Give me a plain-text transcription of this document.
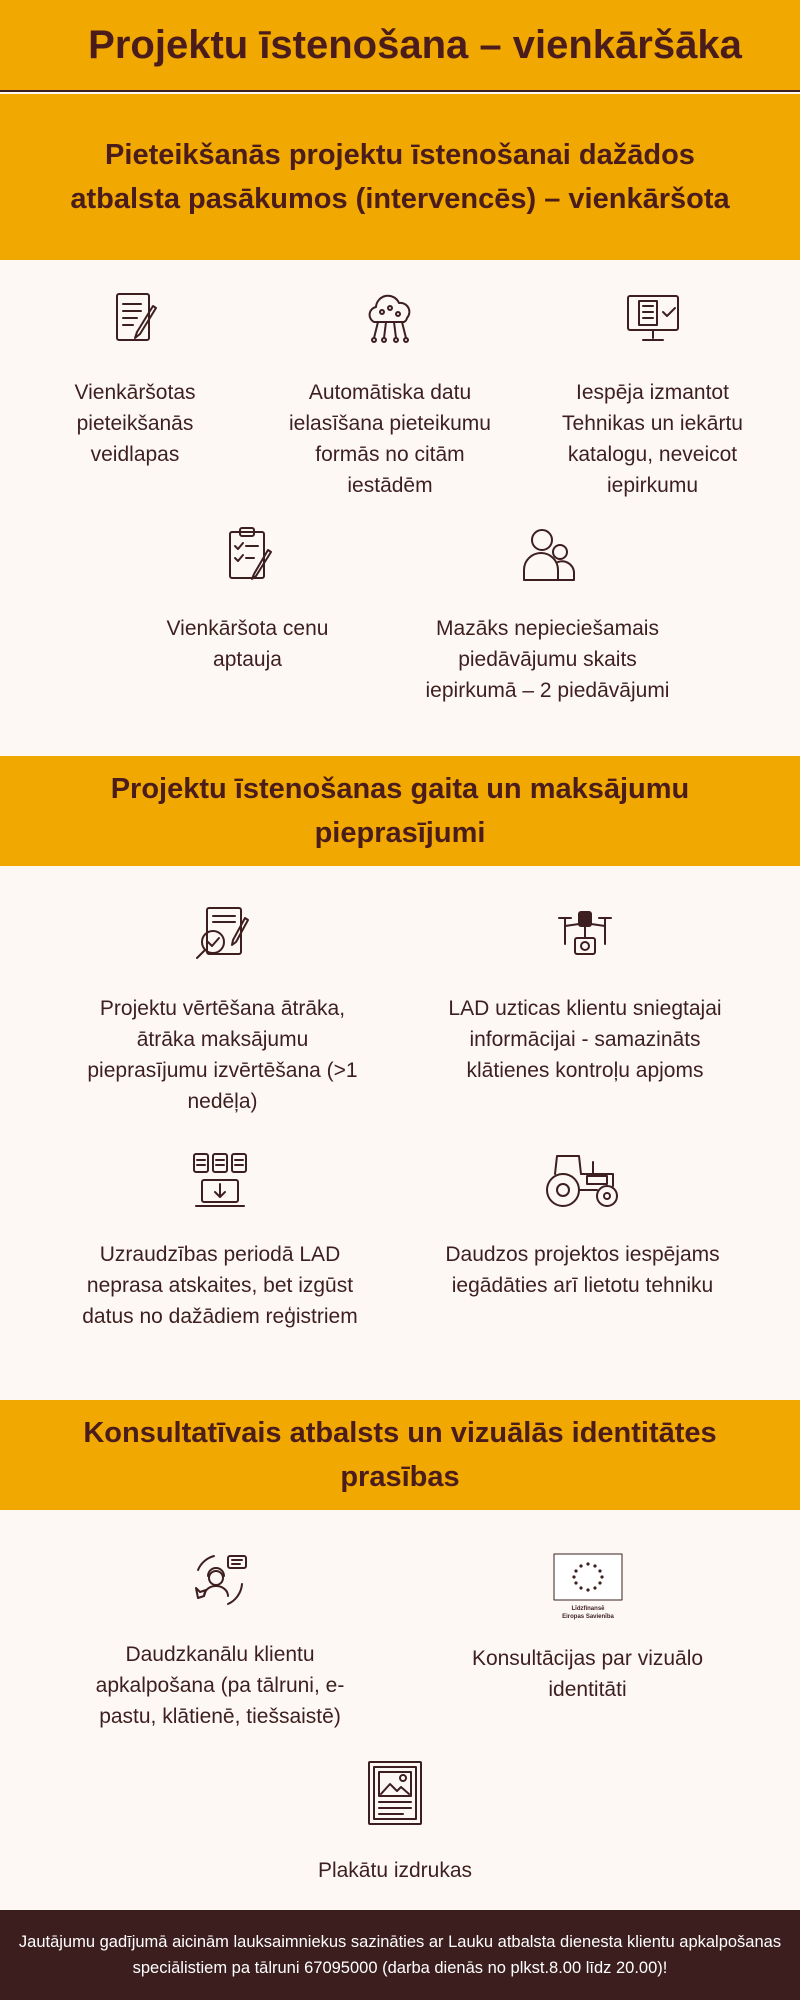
Projektu īstenošana – vienkāršāka
Pieteikšanās projektu īstenošanai dažādos atbalsta pasākumos (intervencēs) – vienkāršota
Vienkāršotas pieteikšanās veidlapas
Automātiska datu ielasīšana pieteikumu formās no citām iestādēm
Iespēja izmantot Tehnikas un iekārtu katalogu, neveicot iepirkumu
Vienkāršota cenu aptauja
Mazāks nepieciešamais piedāvājumu skaits iepirkumā – 2 piedāvājumi
Projektu īstenošanas gaita un maksājumu pieprasījumi
Projektu vērtēšana ātrāka, ātrāka maksājumu pieprasījumu izvērtēšana (>1 nedēļa)
LAD uzticas klientu sniegtajai informācijai - samazināts klātienes kontroļu apjoms
Uzraudzības periodā LAD neprasa atskaites, bet izgūst datus no dažādiem reģistriem
Daudzos projektos iespējams iegādāties arī lietotu tehniku
Konsultatīvais atbalsts un vizuālās identitātes prasības
Daudzkanālu klientu apkalpošana (pa tālruni, e-pastu, klātienē, tiešsaistē)
Līdzfinansē
Eiropas Savienība
Konsultācijas par vizuālo identitāti
Plakātu izdrukas
Jautājumu gadījumā aicinām lauksaimniekus sazināties ar Lauku atbalsta dienesta klientu apkalpošanas speciālistiem pa tālruni 67095000 (darba dienās no plkst.8.00 līdz 20.00)!
